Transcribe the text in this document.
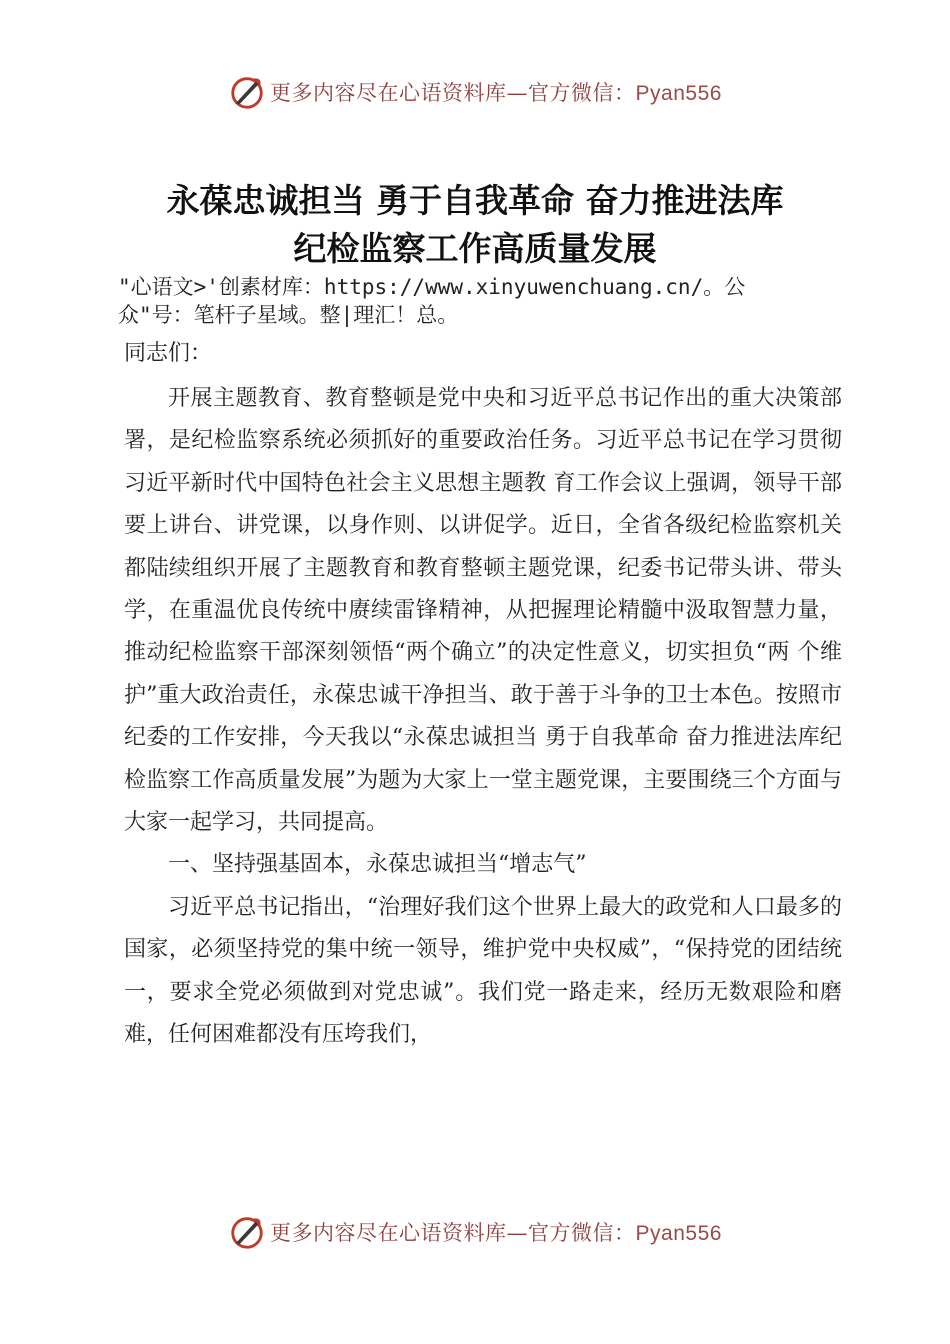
更多内容尽在心语资料库—官方微信：Pyan556
永葆忠诚担当 勇于自我革命 奋力推进法库
纪检监察工作高质量发展
"心语文>'创素材库：https://www.xinyuwenchuang.cn/。公
众"号：笔杆子星域。整|理汇！总。
同志们：

开展主题教育、教育整顿是党中央和习近平总书记作出的重大决策部署，是纪检监察系统必须抓好的重要政治任务。习近平总书记在学习贯彻习近平新时代中国特色社会主义思想主题教 育工作会议上强调，领导干部要上讲台、讲党课，以身作则、以讲促学。近日，全省各级纪检监察机关都陆续组织开展了主题教育和教育整顿主题党课，纪委书记带头讲、带头学，在重温优良传统中赓续雷锋精神，从把握理论精髓中汲取智慧力量，推动纪检监察干部深刻领悟“两个确立”的决定性意义，切实担负“两 个维护”重大政治责任，永葆忠诚干净担当、敢于善于斗争的卫士本色。按照市纪委的工作安排，今天我以“永葆忠诚担当 勇于自我革命 奋力推进法库纪检监察工作高质量发展”为题为大家上一堂主题党课，主要围绕三个方面与大家一起学习，共同提高。

一、坚持强基固本，永葆忠诚担当“增志气”

习近平总书记指出，“治理好我们这个世界上最大的政党和人口最多的国家，必须坚持党的集中统一领导，维护党中央权威”，“保持党的团结统一，要求全党必须做到对党忠诚”。我们党一路走来，经历无数艰险和磨难，任何困难都没有压垮我们，

更多内容尽在心语资料库—官方微信：Pyan556
